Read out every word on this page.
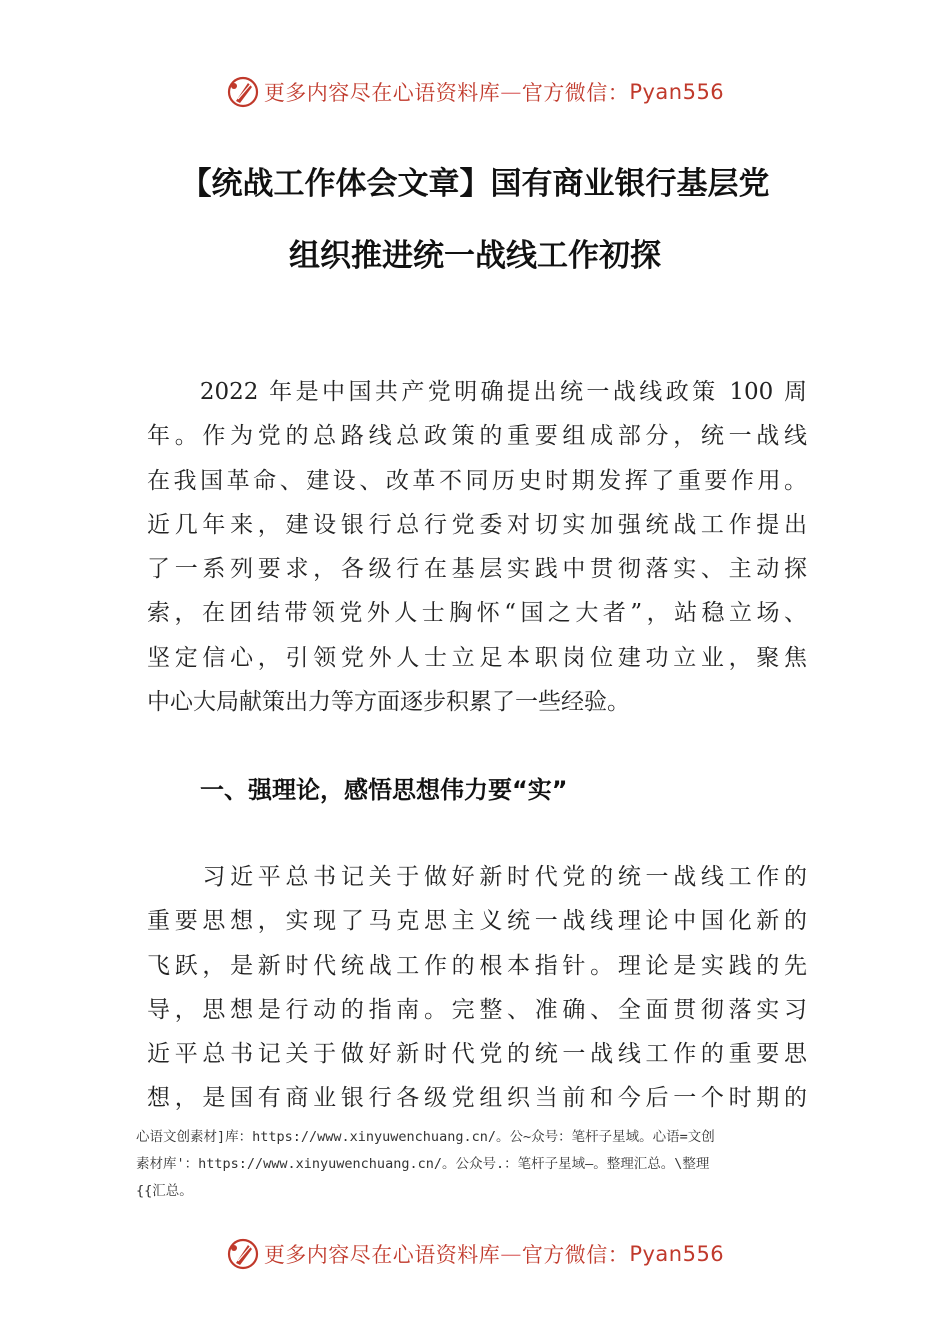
更多内容尽在心语资料库 — 官方微信： Pyan556
【统战工作体会文章】国有商业银行基层党
组织推进统一战线工作初探
　　2022 年是中国共产党明确提出统一战线政策 100 周
年。作为党的总路线总政策的重要组成部分，统一战线
在我国革命、建设、改革不同历史时期发挥了重要作用。
近几年来，建设银行总行党委对切实加强统战工作提出
了一系列要求，各级行在基层实践中贯彻落实、主动探
索，在团结带领党外人士胸怀“国之大者”，站稳立场、
坚定信心，引领党外人士立足本职岗位建功立业，聚焦
中心大局献策出力等方面逐步积累了一些经验。
一、强理论，感悟思想伟力要“实”
　　习近平总书记关于做好新时代党的统一战线工作的
重要思想，实现了马克思主义统一战线理论中国化新的
飞跃，是新时代统战工作的根本指针。理论是实践的先
导，思想是行动的指南。完整、准确、全面贯彻落实习
近平总书记关于做好新时代党的统一战线工作的重要思
想，是国有商业银行各级党组织当前和今后一个时期的
心语文创素材]库：https://www.xinyuwenchuang.cn/。公~众号：笔杆子星域。心语=文创
素材库'：https://www.xinyuwenchuang.cn/。公众号.：笔杆子星域—。整理汇总。\整理
{{汇总。
更多内容尽在心语资料库 — 官方微信： Pyan556
